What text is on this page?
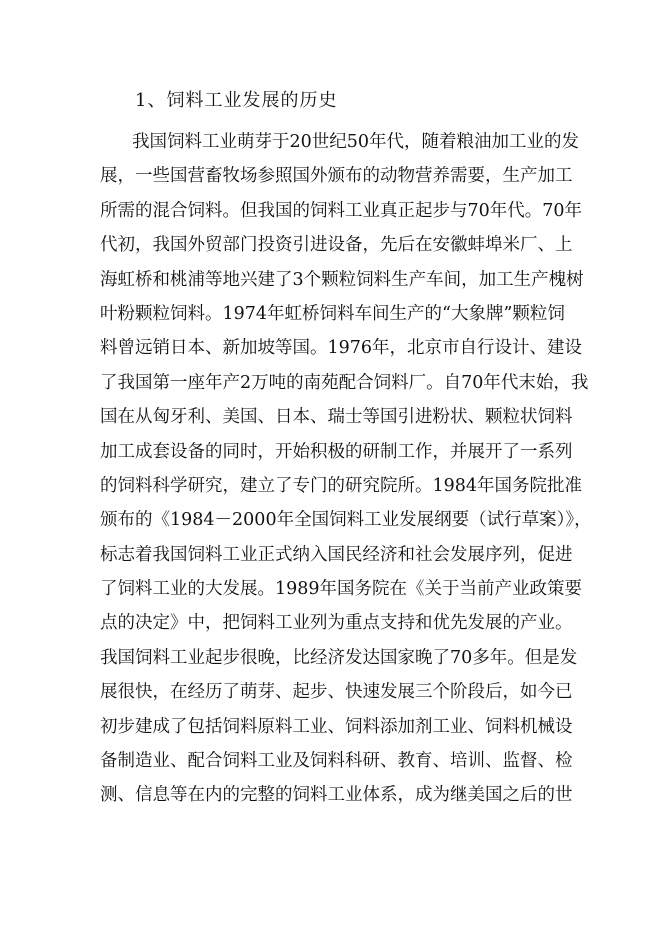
1、饲料工业发展的历史
我国饲料工业萌芽于20世纪50年代，随着粮油加工业的发
展，一些国营畜牧场参照国外颁布的动物营养需要，生产加工
所需的混合饲料。但我国的饲料工业真正起步与70年代。70年
代初，我国外贸部门投资引进设备，先后在安徽蚌埠米厂、上
海虹桥和桃浦等地兴建了3个颗粒饲料生产车间，加工生产槐树
叶粉颗粒饲料。1974年虹桥饲料车间生产的“大象牌”颗粒饲
料曾远销日本、新加坡等国。1976年，北京市自行设计、建设
了我国第一座年产2万吨的南苑配合饲料厂。自70年代末始，我
国在从匈牙利、美国、日本、瑞士等国引进粉状、颗粒状饲料
加工成套设备的同时，开始积极的研制工作，并展开了一系列
的饲料科学研究，建立了专门的研究院所。1984年国务院批准
颁布的《1984－2000年全国饲料工业发展纲要（试行草案）》，
标志着我国饲料工业正式纳入国民经济和社会发展序列，促进
了饲料工业的大发展。1989年国务院在《关于当前产业政策要
点的决定》中，把饲料工业列为重点支持和优先发展的产业。
我国饲料工业起步很晚，比经济发达国家晚了70多年。但是发
展很快，在经历了萌芽、起步、快速发展三个阶段后，如今已
初步建成了包括饲料原料工业、饲料添加剂工业、饲料机械设
备制造业、配合饲料工业及饲料科研、教育、培训、监督、检
测、信息等在内的完整的饲料工业体系，成为继美国之后的世
